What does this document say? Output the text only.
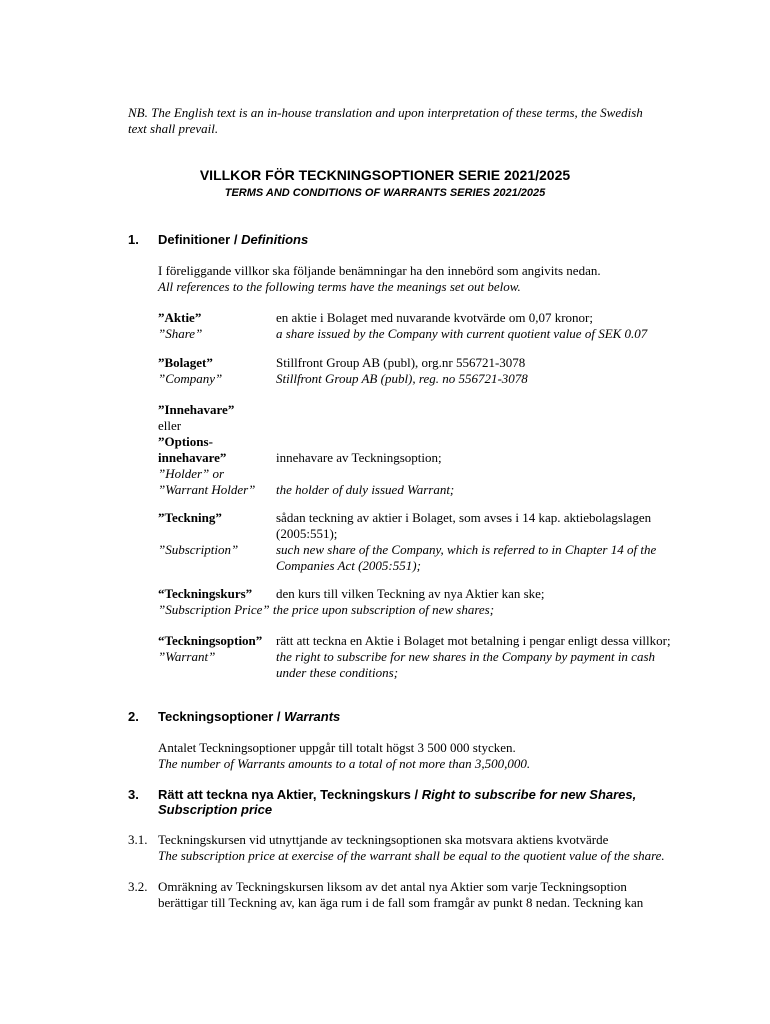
NB. The English text is an in-house translation and upon interpretation of these terms, the Swedish
text shall prevail.
VILLKOR FÖR TECKNINGSOPTIONER SERIE 2021/2025
TERMS AND CONDITIONS OF WARRANTS SERIES 2021/2025
1. Definitioner / Definitions
I föreliggande villkor ska följande benämningar ha den innebörd som angivits nedan.
All references to the following terms have the meanings set out below.
”Aktie”
”Share”
en aktie i Bolaget med nuvarande kvotvärde om 0,07 kronor;
a share issued by the Company with current quotient value of SEK 0.07
”Bolaget”
”Company”
Stillfront Group AB (publ), org.nr 556721-3078
Stillfront Group AB (publ), reg. no 556721-3078
”Innehavare”
eller
”Options-
innehavare”
”Holder” or
”Warrant Holder”
innehavare av Teckningsoption;
the holder of duly issued Warrant;
”Teckning”
”Subscription”
sådan teckning av aktier i Bolaget, som avses i 14 kap. aktiebolagslagen
(2005:551);
such new share of the Company, which is referred to in Chapter 14 of the
Companies Act (2005:551);
“Teckningskurs”	den kurs till vilken Teckning av nya Aktier kan ske;
”Subscription Price” the price upon subscription of new shares;
“Teckningsoption”
”Warrant”
rätt att teckna en Aktie i Bolaget mot betalning i pengar enligt dessa villkor;
the right to subscribe for new shares in the Company by payment in cash
under these conditions;
2. Teckningsoptioner / Warrants
Antalet Teckningsoptioner uppgår till totalt högst 3 500 000 stycken.
The number of Warrants amounts to a total of not more than 3,500,000.
3. Rätt att teckna nya Aktier, Teckningskurs / Right to subscribe for new Shares,
Subscription price
3.1. Teckningskursen vid utnyttjande av teckningsoptionen ska motsvara aktiens kvotvärde
The subscription price at exercise of the warrant shall be equal to the quotient value of the share.
3.2. Omräkning av Teckningskursen liksom av det antal nya Aktier som varje Teckningsoption
berättigar till Teckning av, kan äga rum i de fall som framgår av punkt 8 nedan. Teckning kan
